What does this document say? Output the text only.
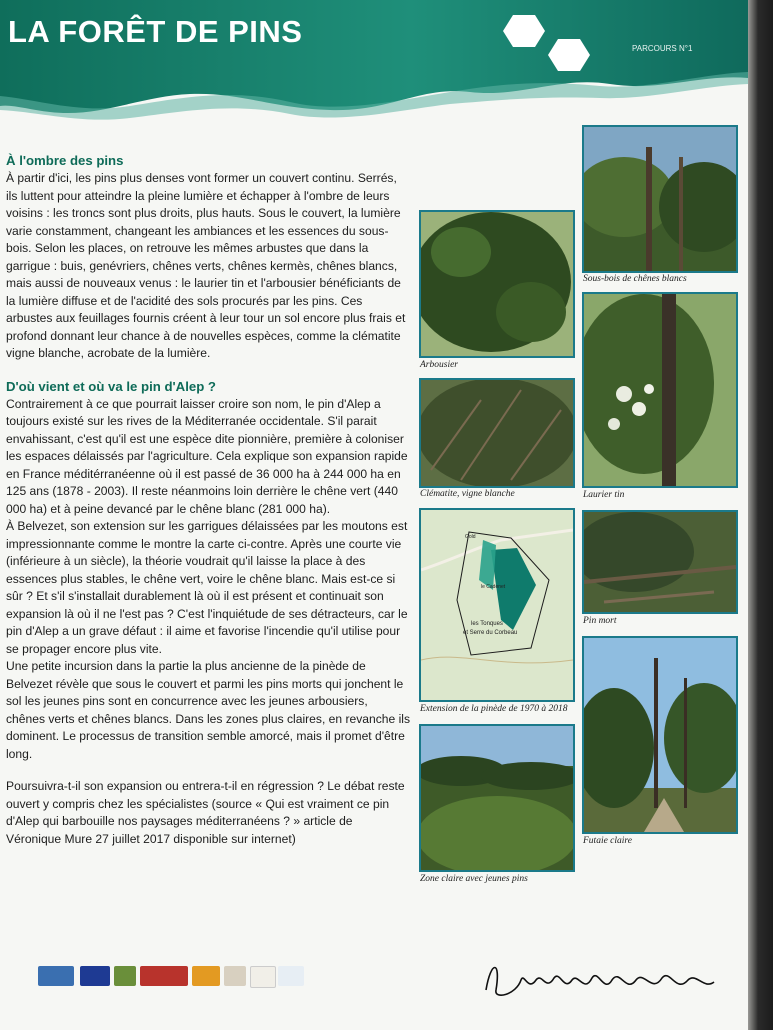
LA FORÊT DE PINS	PARCOURS N°1
À l'ombre des pins

À partir d'ici, les pins plus denses vont former un couvert continu. Serrés, ils luttent pour atteindre la pleine lumière et échapper à l'ombre de leurs voisins : les troncs sont plus droits, plus hauts. Sous le couvert, la lumière varie constamment, changeant les ambiances et les essences du sous-bois. Selon les places, on retrouve les mêmes arbustes que dans la garrigue : buis, genévriers, chênes verts, chênes kermès, chênes blancs, mais aussi de nouveaux venus : le laurier tin et l'arbousier bénéficiants de la lumière diffuse et de l'acidité des sols procurés par les pins. Ces arbustes aux feuillages fournis créent à leur tour un sol encore plus frais et profond donnant leur chance à de nouvelles espèces, comme la clématite vigne blanche, acrobate de la lumière.

D'où vient et où va le pin d'Alep ?

Contrairement à ce que pourrait laisser croire son nom, le pin d'Alep a toujours existé sur les rives de la Méditerranée occidentale. S'il parait envahissant, c'est qu'il est une espèce dite pionnière, première à coloniser les espaces délaissés par l'agriculture. Cela explique son expansion rapide en France méditérranéenne où il est passé de 36 000 ha à 244 000 ha en 125 ans (1878 - 2003). Il reste néanmoins loin derrière le chêne vert (440 000 ha) et à peine devancé par le chêne blanc (281 000 ha).

À Belvezet, son extension sur les garrigues délaissées par les moutons est impressionnante comme le montre la carte ci-contre. Après une courte vie (inférieure à un siècle), la théorie voudrait qu'il laisse la place à des essences plus stables, le chêne vert, voire le chêne blanc. Mais est-ce si sûr ? Et s'il s'installait durablement là où il est présent et continuait son expansion là où il ne l'est pas ? C'est l'inquiétude de ses détracteurs, car le pin d'Alep a un grave défaut : il aime et favorise l'incendie qu'il utilise pour se propager encore plus vite.

Une petite incursion dans la partie la plus ancienne de la pinède de Belvezet révèle que sous le couvert et parmi les pins morts qui jonchent le sol les jeunes pins sont en concurrence avec les jeunes arbousiers, chênes verts et chênes blancs. Dans les zones plus claires, en revanche ils dominent. Le processus de transition semble amorcé, mais il promet d'être long.

Poursuivra-t-il son expansion ou entrera-t-il en régression ? Le débat reste ouvert y compris chez les spécialistes (source « Qui est vraiment ce pin d'Alep qui barbouille nos paysages méditerranéens ? » article de Véronique Mure 27 juillet 2017 disponible sur internet)

Sous-bois de chênes blancs
Arbousier
Laurier tin
Clématite, vigne blanche
Pin mort
les Tonques
et Serre du Corbeau
le Cadenet
Gold
Extension de la pinède de 1970 à 2018
Futaie claire
Zone claire avec jeunes pins
